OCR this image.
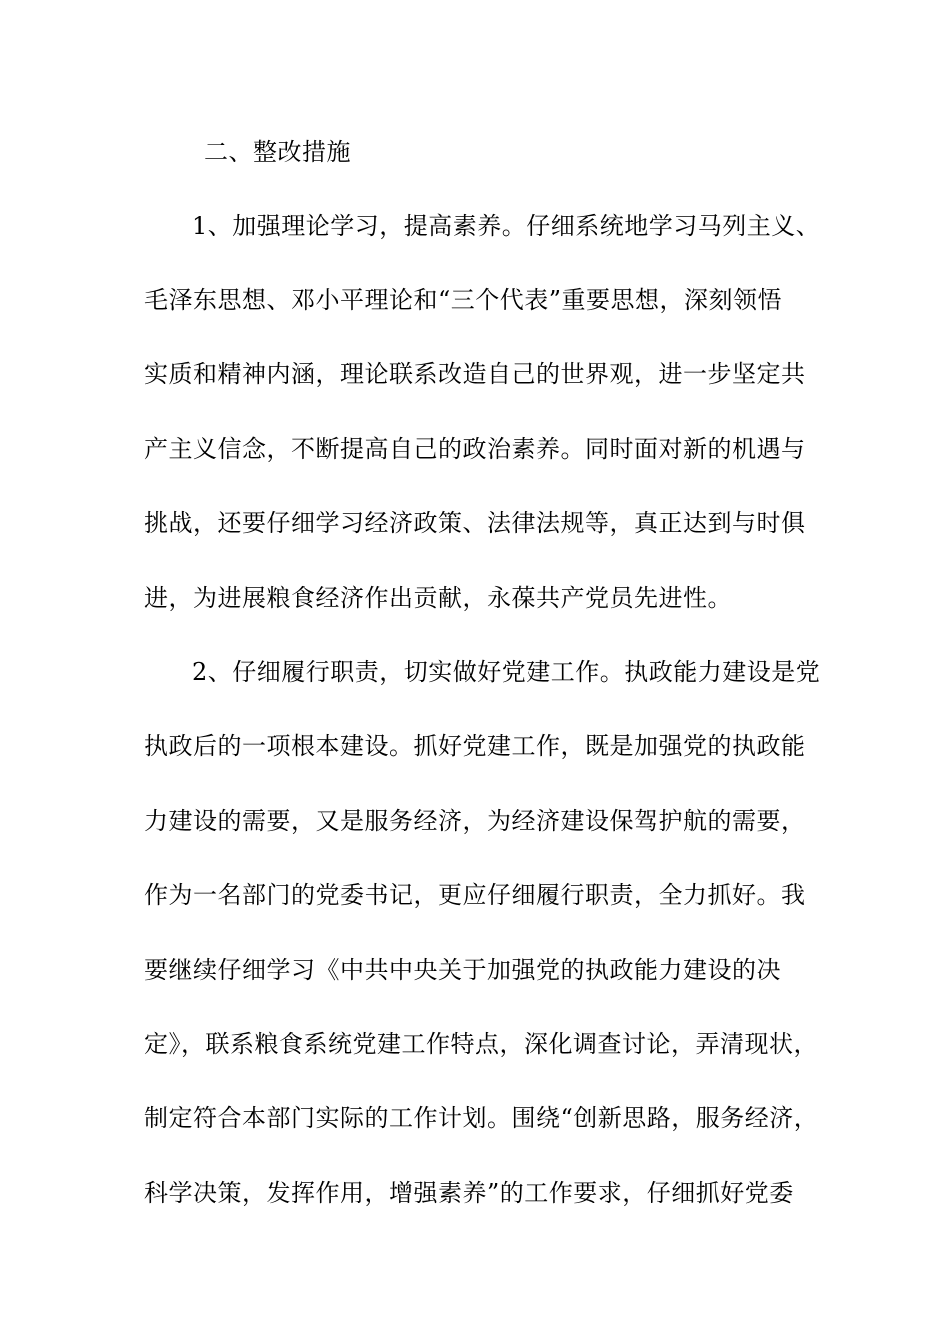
二、整改措施
1、加强理论学习，提高素养。仔细系统地学习马列主义、
毛泽东思想、邓小平理论和“三个代表”重要思想，深刻领悟
实质和精神内涵，理论联系改造自己的世界观，进一步坚定共
产主义信念，不断提高自己的政治素养。同时面对新的机遇与
挑战，还要仔细学习经济政策、法律法规等，真正达到与时俱
进，为进展粮食经济作出贡献，永葆共产党员先进性。
2、仔细履行职责，切实做好党建工作。执政能力建设是党
执政后的一项根本建设。抓好党建工作，既是加强党的执政能
力建设的需要，又是服务经济，为经济建设保驾护航的需要，
作为一名部门的党委书记，更应仔细履行职责，全力抓好。我
要继续仔细学习《中共中央关于加强党的执政能力建设的决
定》，联系粮食系统党建工作特点，深化调查讨论，弄清现状，
制定符合本部门实际的工作计划。围绕“创新思路，服务经济，
科学决策，发挥作用，增强素养”的工作要求，仔细抓好党委
